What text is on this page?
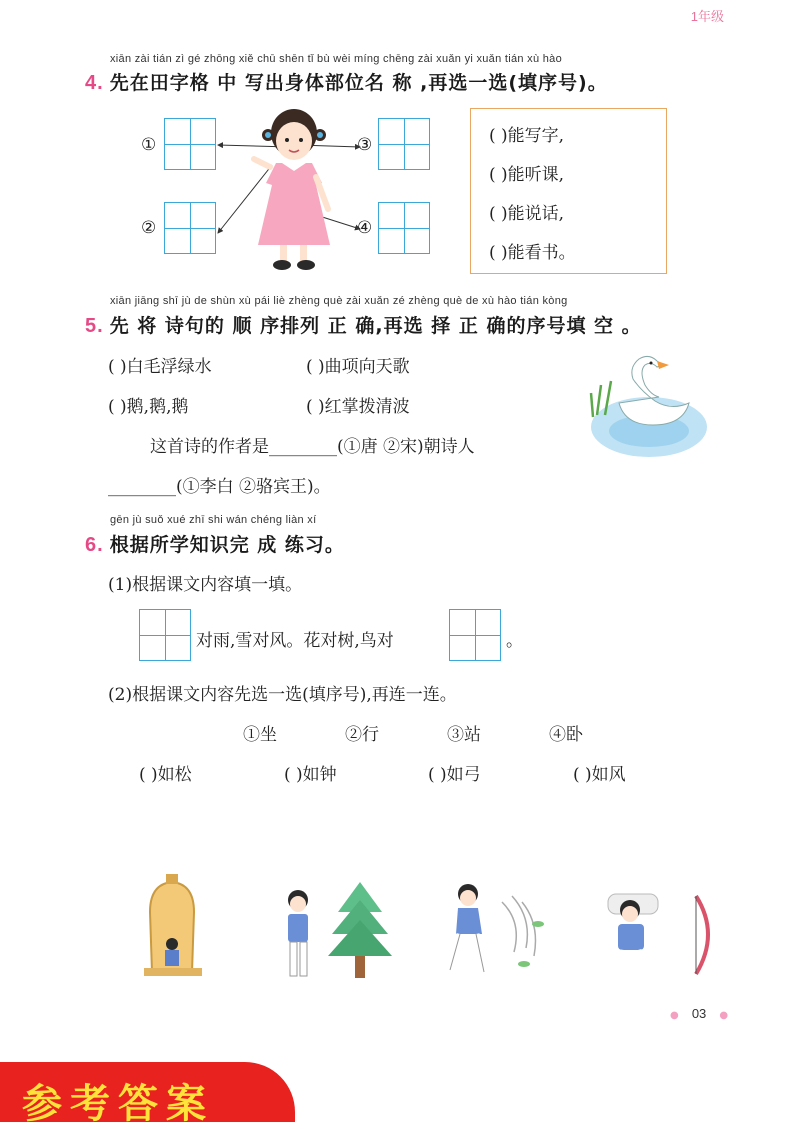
1年级
xiān zài tián zì gé zhōng xiě chū shēn tǐ bù wèi míng chēng zài xuǎn yi xuǎn tián xù hào
4. 先在田字格 中 写出身体部位名 称 ,再选一选(填序号)。
①
②
③
④
( )能写字,
( )能听课,
( )能说话,
( )能看书。
xiān jiāng shī jù de shùn xù pái liè zhèng què zài xuǎn zé zhèng què de xù hào tián kòng
5. 先 将 诗句的 顺 序排列 正 确,再选 择 正 确的序号填 空 。
( )白毛浮绿水	( )曲项向天歌
( )鹅,鹅,鹅	( )红掌拨清波
这首诗的作者是________(①唐 ②宋)朝诗人
________(①李白 ②骆宾王)。
gēn jù suǒ xué zhī shi wán chéng liàn xí
6. 根据所学知识完 成 练习。
(1)根据课文内容填一填。
对雨,雪对风。花对树,鸟对	。
(2)根据课文内容先选一选(填序号),再连一连。
①坐	②行	③站	④卧
( )如松	( )如钟	( )如弓	( )如风
● 03 ●
参考答案
